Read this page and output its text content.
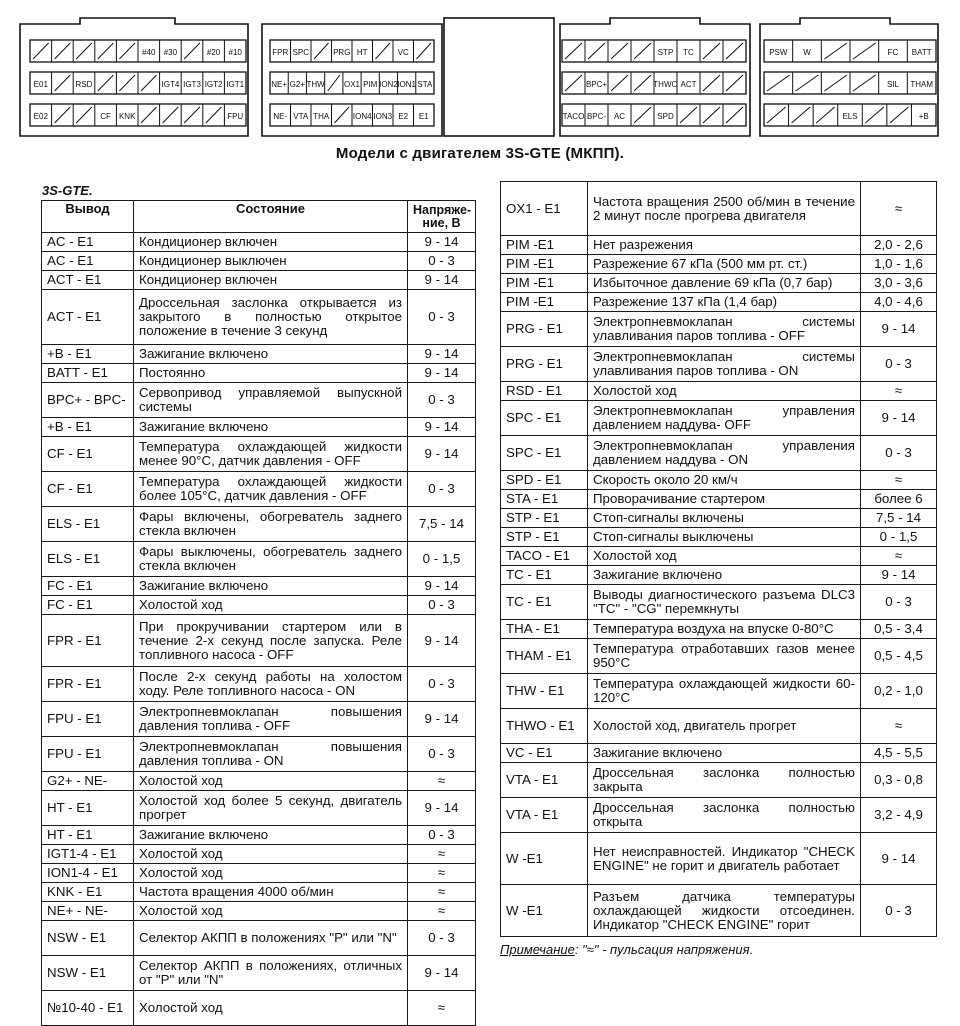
#40 #30	#20 #10
E01	RSD	IGT4 IGT3 IGT2 IGT1
E02	CF KNK	FPU
FPR SPC	PRG HT	VC
NE+ G2+ THW OX1 PIM ION2 ION1 STA
NE- VTA THA	ION4 ION3 E2 E1
STP TC
BPC+	THWO ACT
TACO BPC- AC	SPD
PSW W	FC BATT
SIL THAM
ELS	+B
Модели с двигателем 3S-GTE (МКПП).
3S-GTE.
Вывод	Состояние	Напряже-ние, В
AC - E1	Кондиционер включен	9 - 14
AC - E1	Кондиционер выключен	0 - 3
ACT - E1	Кондиционер включен	9 - 14
ACT - E1	Дроссельная заслонка открывается из закрытого в полностью открытое положение в течение 3 секунд	0 - 3
+B - E1	Зажигание включено	9 - 14
BATT - E1	Постоянно	9 - 14
BPC+ - BPC-	Сервопривод управляемой выпускной системы	0 - 3
+B - E1	Зажигание включено	9 - 14
CF - E1	Температура охлаждающей жидкости менее 90°С, датчик давления - OFF	9 - 14
CF - E1	Температура охлаждающей жидкости более 105°С, датчик давления - OFF	0 - 3
ELS - E1	Фары включены, обогреватель заднего стекла включен	7,5 - 14
ELS - E1	Фары выключены, обогреватель заднего стекла включен	0 - 1,5
FC - E1	Зажигание включено	9 - 14
FC - E1	Холостой ход	0 - 3
FPR - E1	При прокручивании стартером или в течение 2-х секунд после запуска. Реле топливного насоса - OFF	9 - 14
FPR - E1	После 2-х секунд работы на холостом ходу. Реле топливного насоса - ON	0 - 3
FPU - E1	Электропневмоклапан повышения давления топлива - OFF	9 - 14
FPU - E1	Электропневмоклапан повышения давления топлива - ON	0 - 3
G2+ - NE-	Холостой ход	≈
HT - E1	Холостой ход более 5 секунд, двигатель прогрет	9 - 14
HT - E1	Зажигание включено	0 - 3
IGT1-4 - E1	Холостой ход	≈
ION1-4 - E1	Холостой ход	≈
KNK - E1	Частота вращения 4000 об/мин	≈
NE+ - NE-	Холостой ход	≈
NSW - E1	Селектор АКПП в положениях "Р" или "N"	0 - 3
NSW - E1	Селектор АКПП в положениях, отличных от "Р" или "N"	9 - 14
№10-40 - E1	Холостой ход	≈
OX1 - E1	Частота вращения 2500 об/мин в течение 2 минут после прогрева двигателя	≈
PIM -E1	Нет разрежения	2,0 - 2,6
PIM -E1	Разрежение 67 кПа (500 мм рт. ст.)	1,0 - 1,6
PIM -E1	Избыточное давление 69 кПа (0,7 бар)	3,0 - 3,6
PIM -E1	Разрежение 137 кПа (1,4 бар)	4,0 - 4,6
PRG - E1	Электропневмоклапан системы улавливания паров топлива - OFF	9 - 14
PRG - E1	Электропневмоклапан системы улавливания паров топлива - ON	0 - 3
RSD - E1	Холостой ход	≈
SPC - E1	Электропневмоклапан управления давлением наддува- OFF	9 - 14
SPC - E1	Электропневмоклапан управления давлением наддува - ON	0 - 3
SPD - E1	Скорость около 20 км/ч	≈
STA - E1	Проворачивание стартером	более 6
STP - E1	Стоп-сигналы включены	7,5 - 14
STP - E1	Стоп-сигналы выключены	0 - 1,5
TACO - E1	Холостой ход	≈
TC - E1	Зажигание включено	9 - 14
TC - E1	Выводы диагностического разъема DLC3 "TC" - "CG" перемкнуты	0 - 3
THA - E1	Температура воздуха на впуске 0-80°С	0,5 - 3,4
THAM - E1	Температура отработавших газов менее 950°С	0,5 - 4,5
THW - E1	Температура охлаждающей жидкости 60-120°С	0,2 - 1,0
THWO - E1	Холостой ход, двигатель прогрет	≈
VC - E1	Зажигание включено	4,5 - 5,5
VTA - E1	Дроссельная заслонка полностью закрыта	0,3 - 0,8
VTA - E1	Дроссельная заслонка полностью открыта	3,2 - 4,9
W -E1	Нет неисправностей. Индикатор "CHECK ENGINE" не горит и двигатель работает	9 - 14
W -E1	Разъем датчика температуры охлаждающей жидкости отсоединен. Индикатор "CHECK ENGINE" горит	0 - 3
Примечание: "≈" - пульсация напряжения.
